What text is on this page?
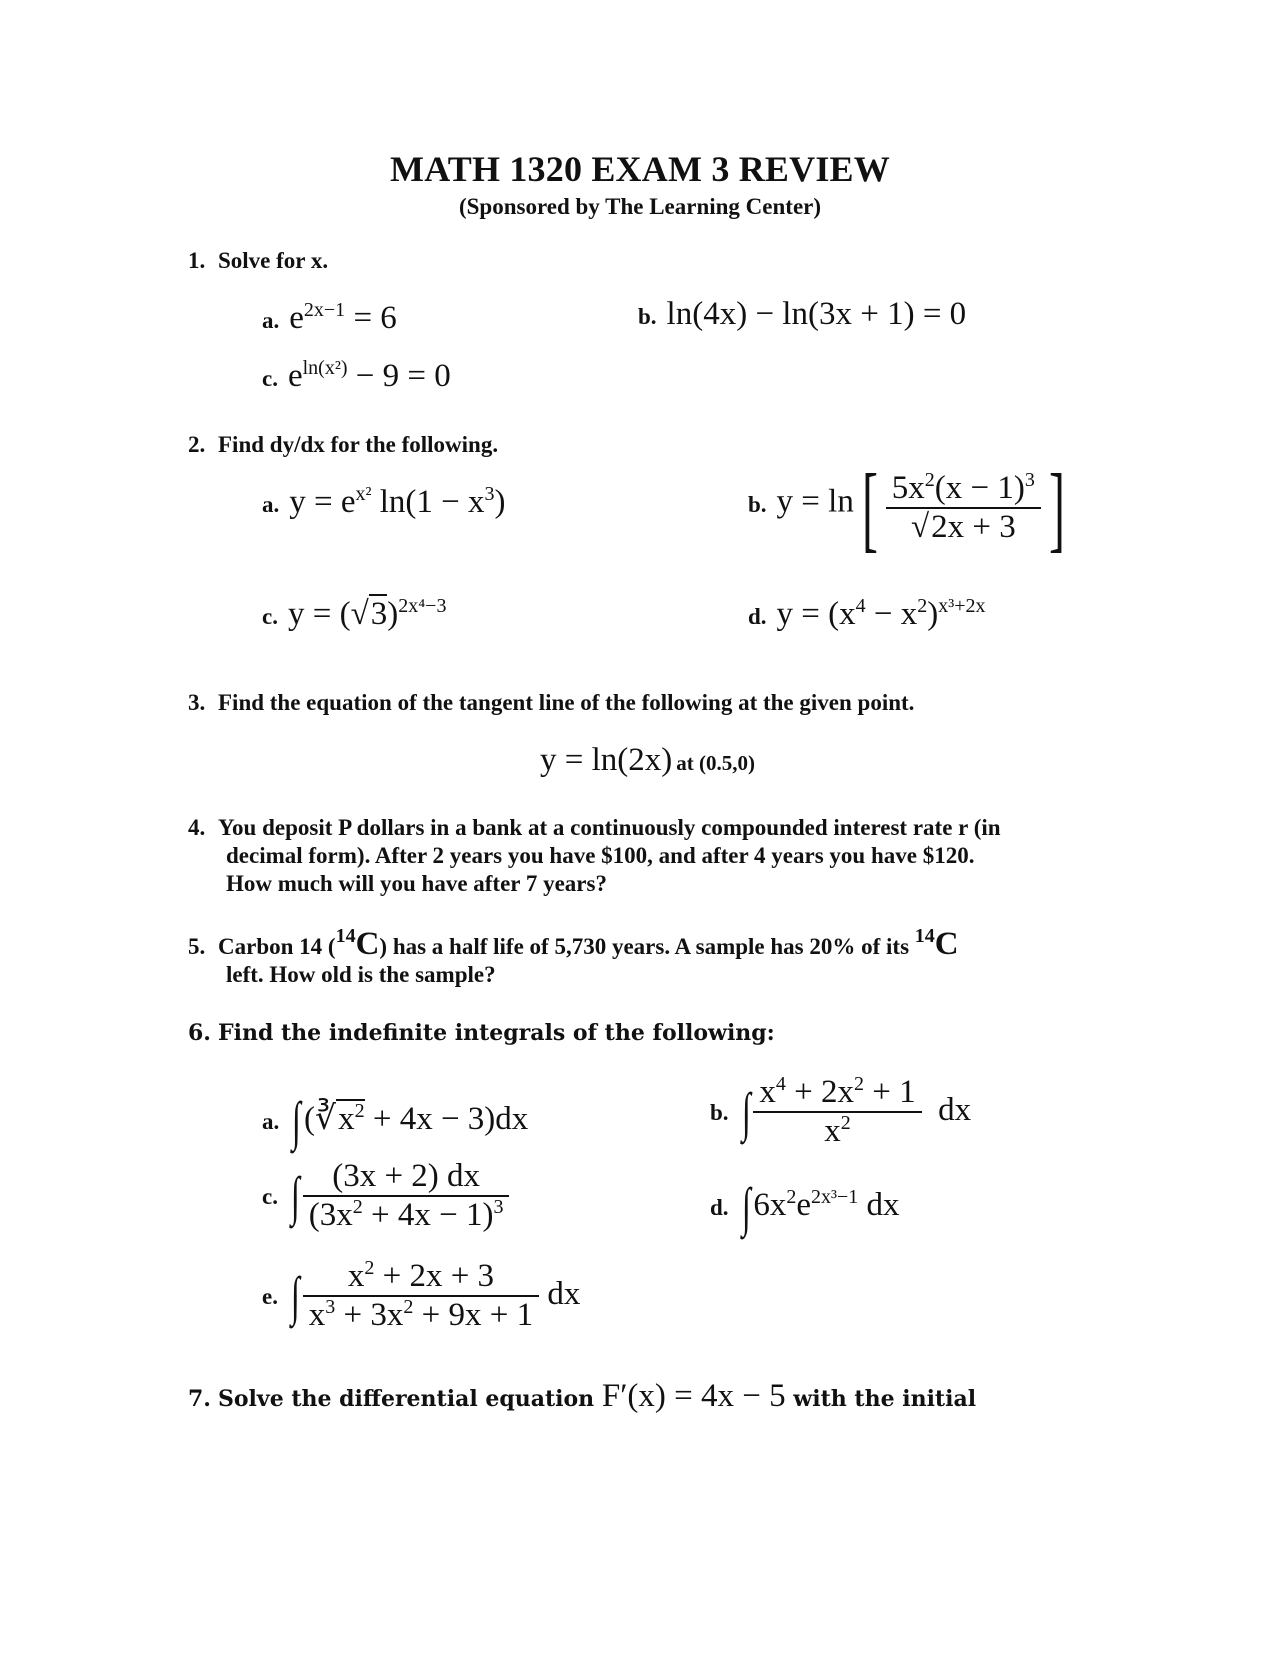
MATH 1320 EXAM 3 REVIEW
(Sponsored by The Learning Center)
1. Solve for x.
a. $e^{2x-1} = 6$	b. ln(4x) − ln(3x + 1) = 0
c. $e^{ln(x^2)} - 9 = 0$
2. Find dy/dx for the following.
a. $y = e^{x^2}$ $\ln(1 - x^3)$	b. $y = \ln[ \frac{5x^2(x - 1)^3}{√2x + 3}$ ]
c. $y = (√3)^{2x^4-3}$	d. $y = (x^4 - x^2)^{x^3+2x}$
3. Find the equation of the tangent line of the following at the given point.
y = ln(2x) at (0.5,0)
4. You deposit P dollars in a bank at a continuously compounded interest rate r (in
decimal form). After 2 years you have $100, and after 4 years you have $120.
How much will you have after 7 years?
5. Carbon 14 ($^{14}$C) has a half life of 5,730 years. A sample has 20% of its $^{14}$C
left. How old is the sample?
6. Find the indefinite integrals of the following:
a. $\int(∛x^2 + 4x - 3)dx$	b. ∫ $\frac{x^4 + 2x^2 + 1}{x^2}$ dx
c. ∫ $\frac{(3x + 2) dx}{(3x^2 + 4x - 1)^3}$	d. $\int 6x^2e^{2x^3-1}$ dx
e. ∫ $\frac{x^2 + 2x + 3}{x^3 + 3x^2 + 9x + 1}$ dx
7. Solve the differential equation F′(x) = 4x − 5 with the initial
